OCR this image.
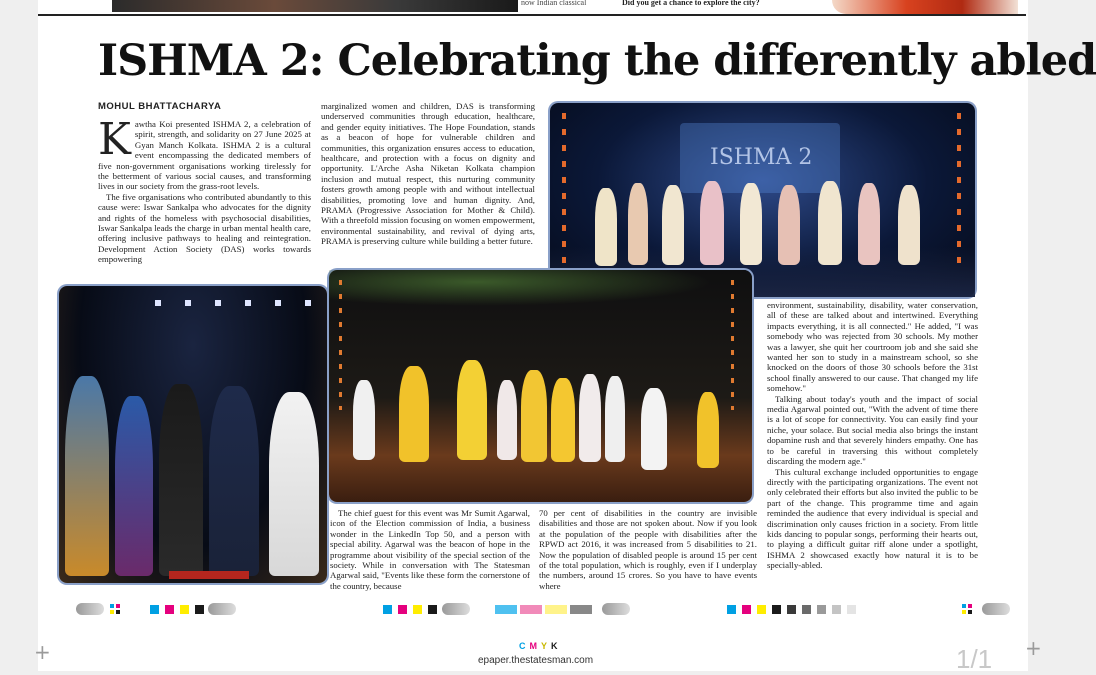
now Indian classical	Did you get a chance to explore the city?
ISHMA 2: Celebrating the differently abled
MOHUL BHATTACHARYA
K awtha Koi presented ISHMA 2, a celebration of spirit, strength, and solidarity on 27 June 2025 at Gyan Manch Kolkata. ISHMA 2 is a cultural event encompassing the dedicated members of five non-government organisations working tirelessly for the betterment of various social causes, and transforming lives in our society from the grass-root levels.

The five organisations who contributed abundantly to this cause were: Iswar Sankalpa who advocates for the dignity and rights of the homeless with psychosocial disabilities, Iswar Sankalpa leads the charge in urban mental health care, offering inclusive pathways to healing and reintegration. Development Action Society (DAS) works towards empowering

marginalized women and children, DAS is transforming underserved communities through education, healthcare, and gender equity initiatives. The Hope Foundation, stands as a beacon of hope for vulnerable children and communities, this organization ensures access to education, healthcare, and protection with a focus on dignity and opportunity. L'Arche Asha Niketan Kolkata champion inclusion and mutual respect, this nurturing community fosters growth among people with and without intellectual disabilities, promoting love and human dignity. And, PRAMA (Progressive Association for Mother & Child). With a threefold mission focusing on women empowerment, environmental sustainability, and revival of dying arts, PRAMA is preserving culture while building a better future.

ISHMA 2

The chief guest for this event was Mr Sumit Agarwal, icon of the Election commission of India, a business wonder in the LinkedIn Top 50, and a person with special ability. Agarwal was the beacon of hope in the programme about visibility of the special section of the society. While in conversation with The Statesman Agarwal said, "Events like these form the cornerstone of the country, because

70 per cent of disabilities in the country are invisible disabilities and those are not spoken about. Now if you look at the population of the people with disabilities after the RPWD act 2016, it was increased from 5 disabilities to 21. Now the population of disabled people is around 15 per cent of the total population, which is roughly, even if I underplay the numbers, around 15 crores. So you have to have events where

environment, sustainability, disability, water conservation, all of these are talked about and intertwined. Everything impacts everything, it is all connected." He added, "I was somebody who was rejected from 30 schools. My mother was a lawyer, she quit her courtroom job and she said she wanted her son to study in a mainstream school, so she knocked on the doors of those 30 schools before the 31st school finally answered to our cause. That changed my life somehow."

Talking about today's youth and the impact of social media Agarwal pointed out, "With the advent of time there is a lot of scope for connectivity. You can easily find your niche, your solace. But social media also brings the instant dopamine rush and that severely hinders empathy. One has to be careful in traversing this without completely discarding the modern age."

This cultural exchange included opportunities to engage directly with the participating organizations. The event not only celebrated their efforts but also invited the public to be part of the change. This programme time and again reminded the audience that every individual is special and discrimination only causes friction in a society. From little kids dancing to popular songs, performing their hearts out, to playing a difficult guitar riff alone under a spotlight, ISHMA 2 showcased exactly how natural it is to be specially-abled.

+	+
CMYK
epaper.thestatesman.com	1/1
